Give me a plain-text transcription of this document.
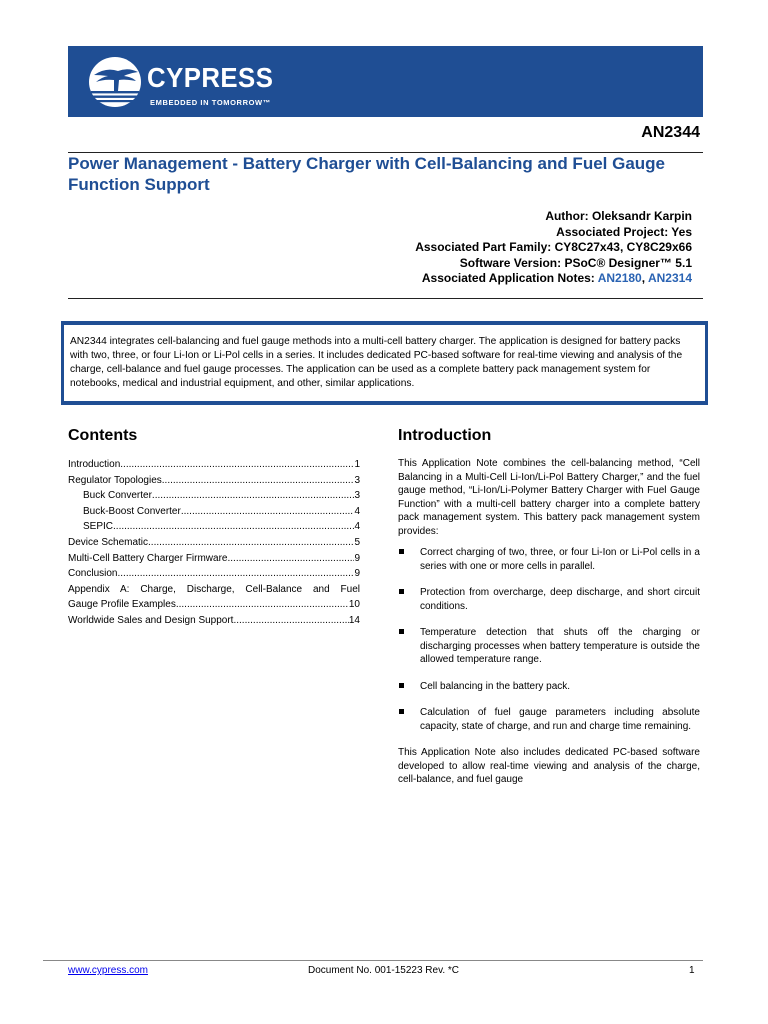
CYPRESS
EMBEDDED IN TOMORROW™
AN2344
Power Management - Battery Charger with Cell-Balancing and Fuel Gauge Function Support
Author: Oleksandr Karpin
Associated Project: Yes
Associated Part Family: CY8C27x43, CY8C29x66
Software Version: PSoC® Designer™ 5.1
Associated Application Notes: AN2180, AN2314

AN2344 integrates cell-balancing and fuel gauge methods into a multi-cell battery charger. The application is designed for battery packs with two, three, or four Li-Ion or Li-Pol cells in a series. It includes dedicated PC-based software for real-time viewing and analysis of the charge, cell-balance and fuel gauge processes. The application can be used as a complete battery pack management system for notebooks, medical and industrial equipment, and other, similar applications.

Contents	Introduction
Introduction .....	1
Regulator Topologies .....	3
Buck Converter .....	3
Buck-Boost Converter .....	4
SEPIC .....	4
Device Schematic .....	5
Multi-Cell Battery Charger Firmware .....	9
Conclusion .....	9
Appendix A: Charge, Discharge, Cell-Balance and Fuel
Gauge Profile Examples .....	10
Worldwide Sales and Design Support .....	14

This Application Note combines the cell-balancing method, “Cell Balancing in a Multi-Cell Li-Ion/Li-Pol Battery Charger,” and the fuel gauge method, “Li-Ion/Li-Polymer Battery Charger with Fuel Gauge Function” with a multi-cell battery charger into a complete battery pack management system. This battery pack management system provides:

Correct charging of two, three, or four Li-Ion or Li-Pol cells in a series with one or more cells in parallel.
Protection from overcharge, deep discharge, and short circuit conditions.
Temperature detection that shuts off the charging or discharging processes when battery temperature is outside the allowed temperature range.
Cell balancing in the battery pack.
Calculation of fuel gauge parameters including absolute capacity, state of charge, and run and charge time remaining.

This Application Note also includes dedicated PC-based software developed to allow real-time viewing and analysis of the charge, cell-balance, and fuel gauge

www.cypress.com	Document No. 001-15223 Rev. *C	1
